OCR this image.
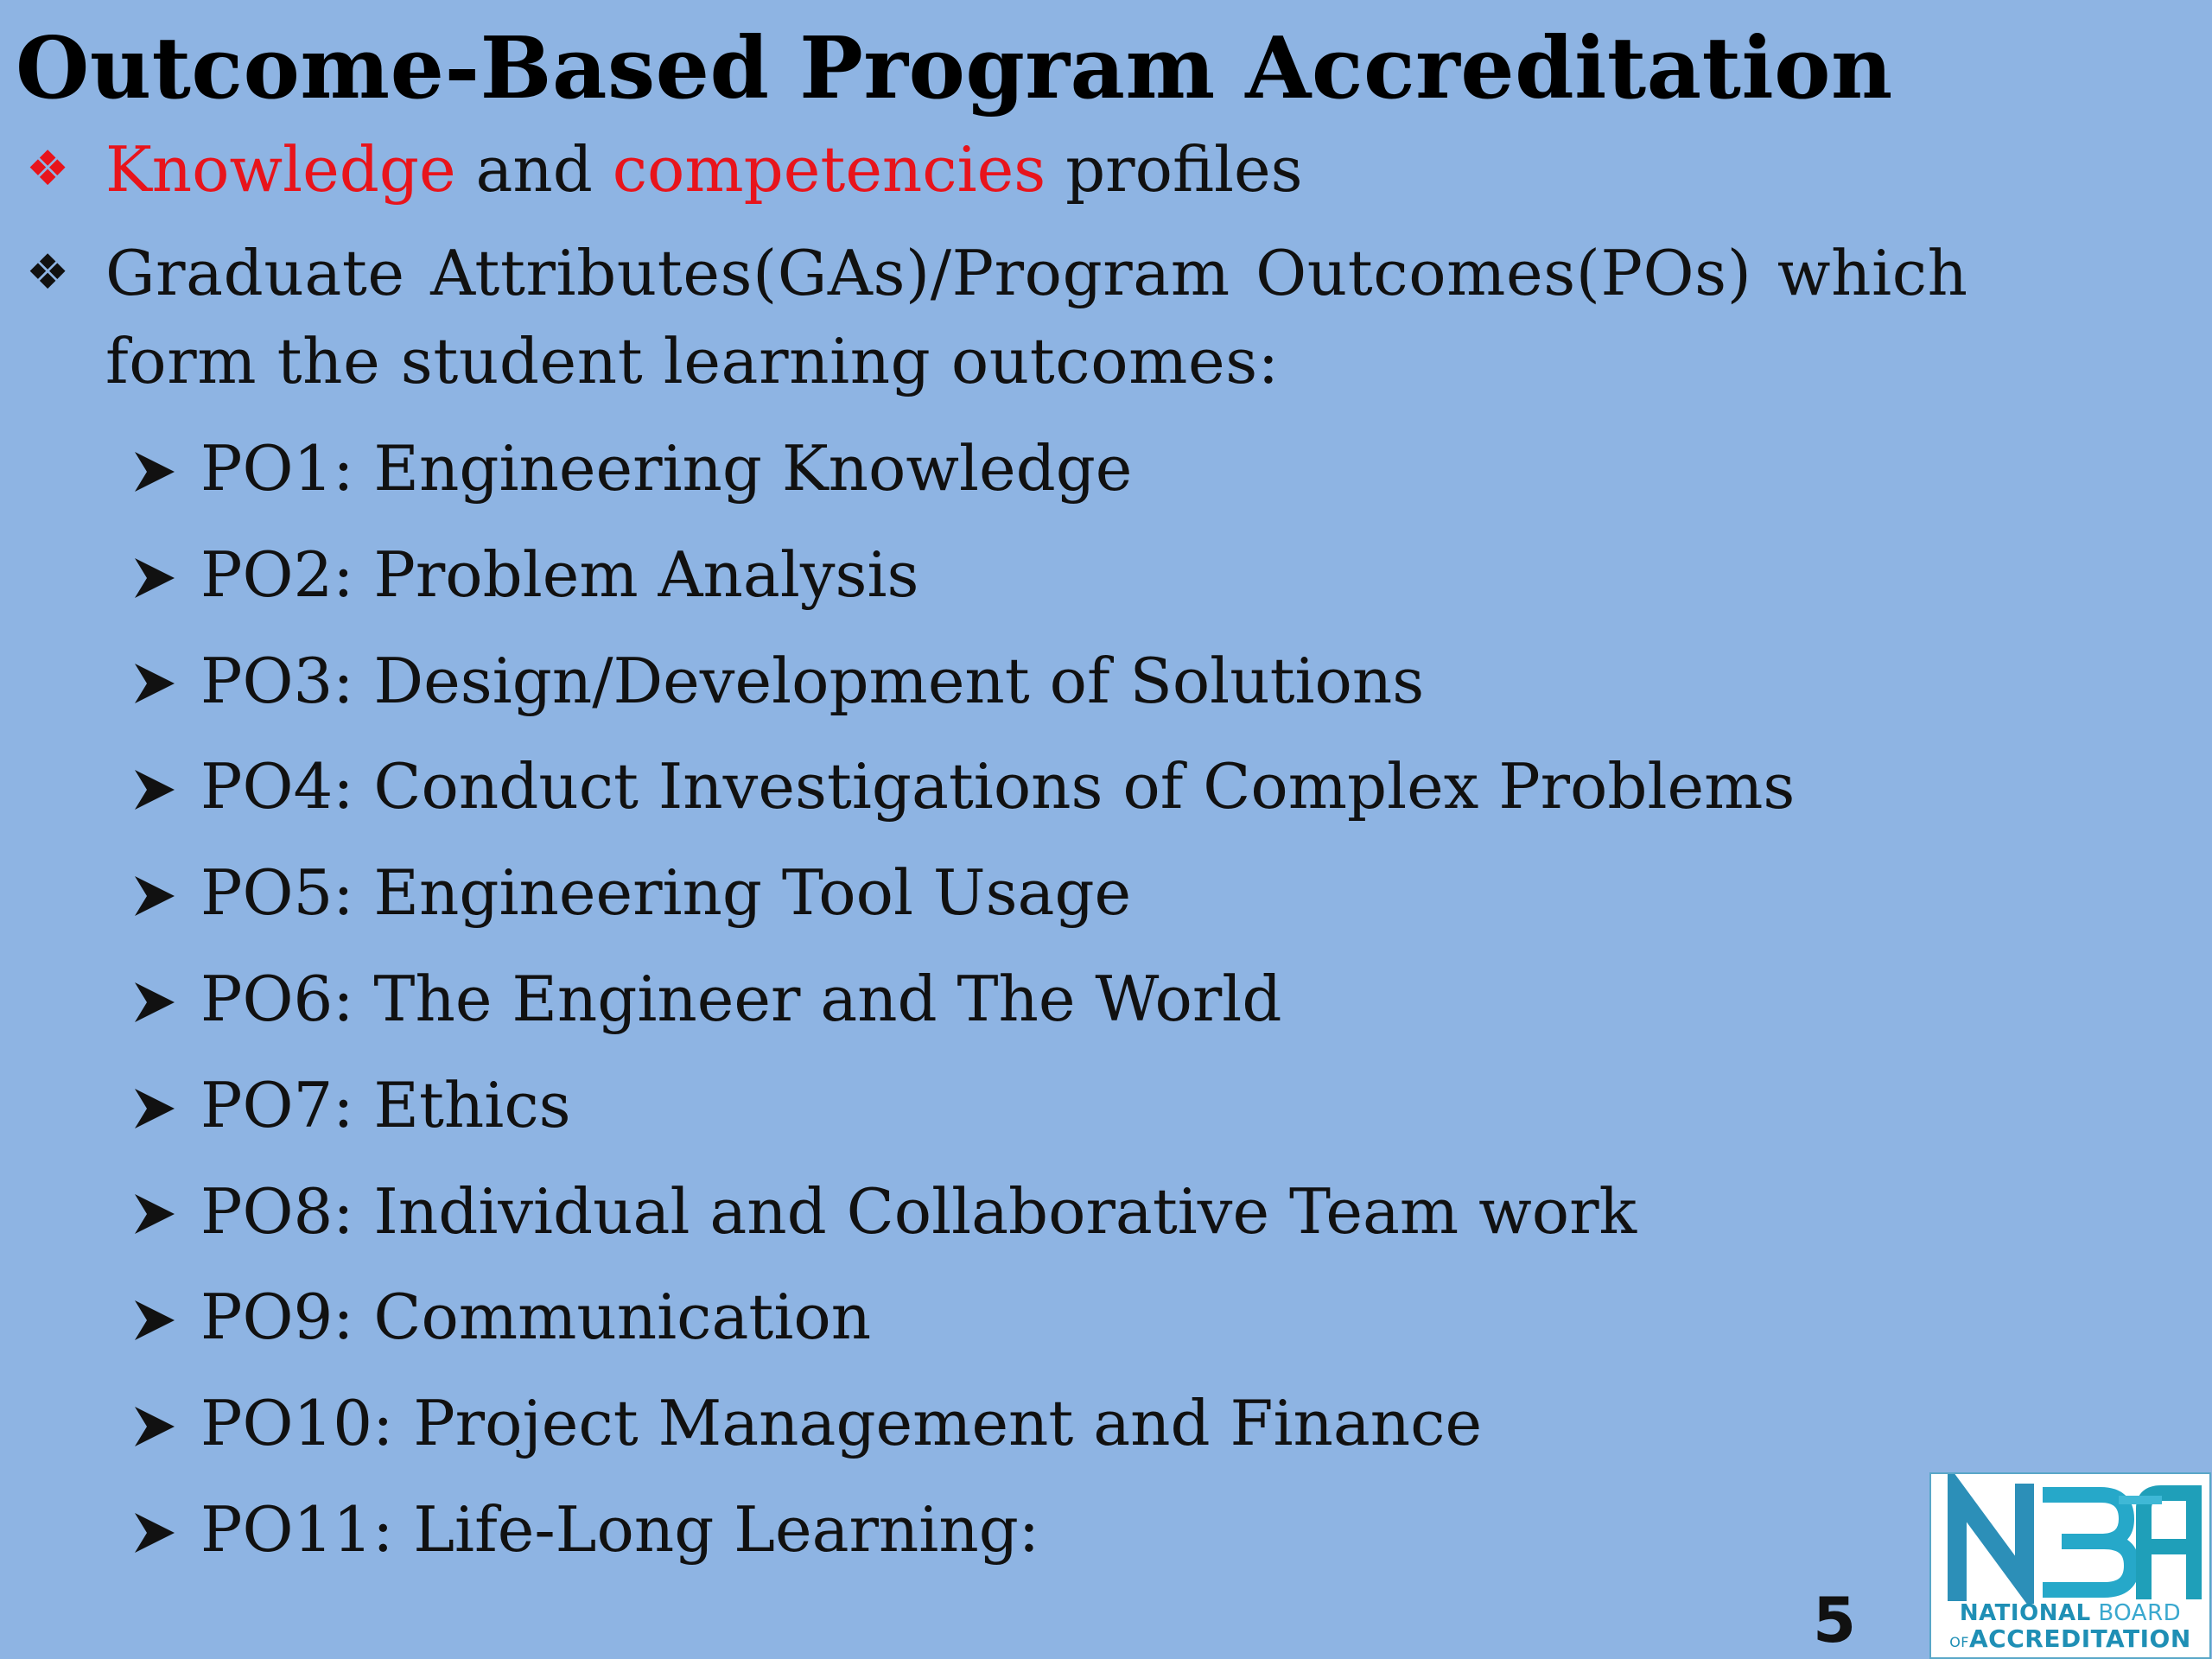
Outcome-Based Program Accreditation
❖ Knowledge and competencies profiles
❖ Graduate Attributes(GAs)/Program Outcomes(POs) which
form the student learning outcomes:
PO1: Engineering Knowledge
PO2: Problem Analysis
PO3: Design/Development of Solutions
PO4: Conduct Investigations of Complex Problems
PO5: Engineering Tool Usage
PO6: The Engineer and The World
PO7: Ethics
PO8: Individual and Collaborative Team work
PO9: Communication
PO10: Project Management and Finance
PO11: Life-Long Learning:
5	NATIONAL BOARD
OFACCREDITATION
